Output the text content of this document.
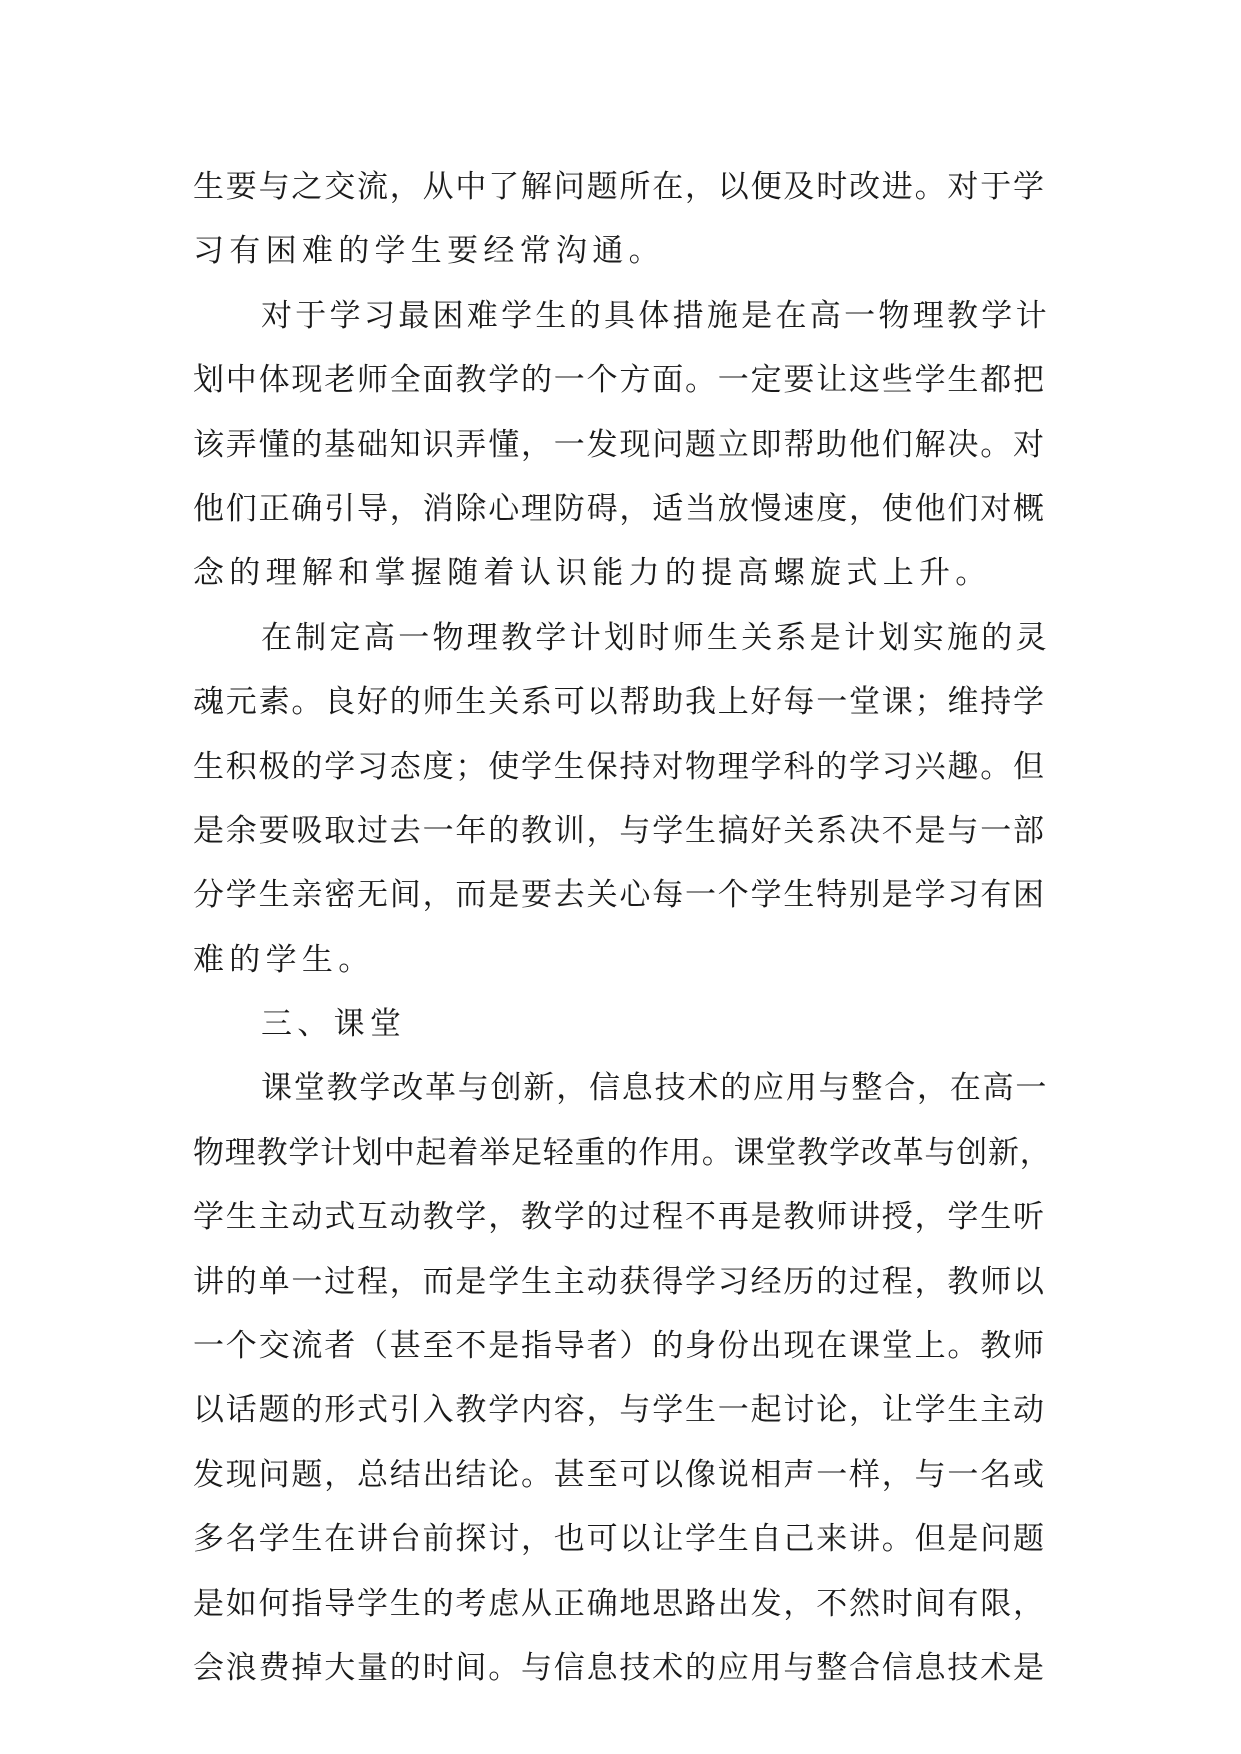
生要与之交流，从中了解问题所在，以便及时改进。对于学
习有困难的学生要经常沟通。
对于学习最困难学生的具体措施是在高一物理教学计
划中体现老师全面教学的一个方面。一定要让这些学生都把
该弄懂的基础知识弄懂，一发现问题立即帮助他们解决。对
他们正确引导，消除心理防碍，适当放慢速度，使他们对概
念的理解和掌握随着认识能力的提高螺旋式上升。
在制定高一物理教学计划时师生关系是计划实施的灵
魂元素。良好的师生关系可以帮助我上好每一堂课；维持学
生积极的学习态度；使学生保持对物理学科的学习兴趣。但
是余要吸取过去一年的教训，与学生搞好关系决不是与一部
分学生亲密无间，而是要去关心每一个学生特别是学习有困
难的学生。
三、课堂
课堂教学改革与创新，信息技术的应用与整合，在高一
物理教学计划中起着举足轻重的作用。课堂教学改革与创新，
学生主动式互动教学，教学的过程不再是教师讲授，学生听
讲的单一过程，而是学生主动获得学习经历的过程，教师以
一个交流者（甚至不是指导者）的身份出现在课堂上。教师
以话题的形式引入教学内容，与学生一起讨论，让学生主动
发现问题，总结出结论。甚至可以像说相声一样，与一名或
多名学生在讲台前探讨，也可以让学生自己来讲。但是问题
是如何指导学生的考虑从正确地思路出发，不然时间有限，
会浪费掉大量的时间。与信息技术的应用与整合信息技术是
